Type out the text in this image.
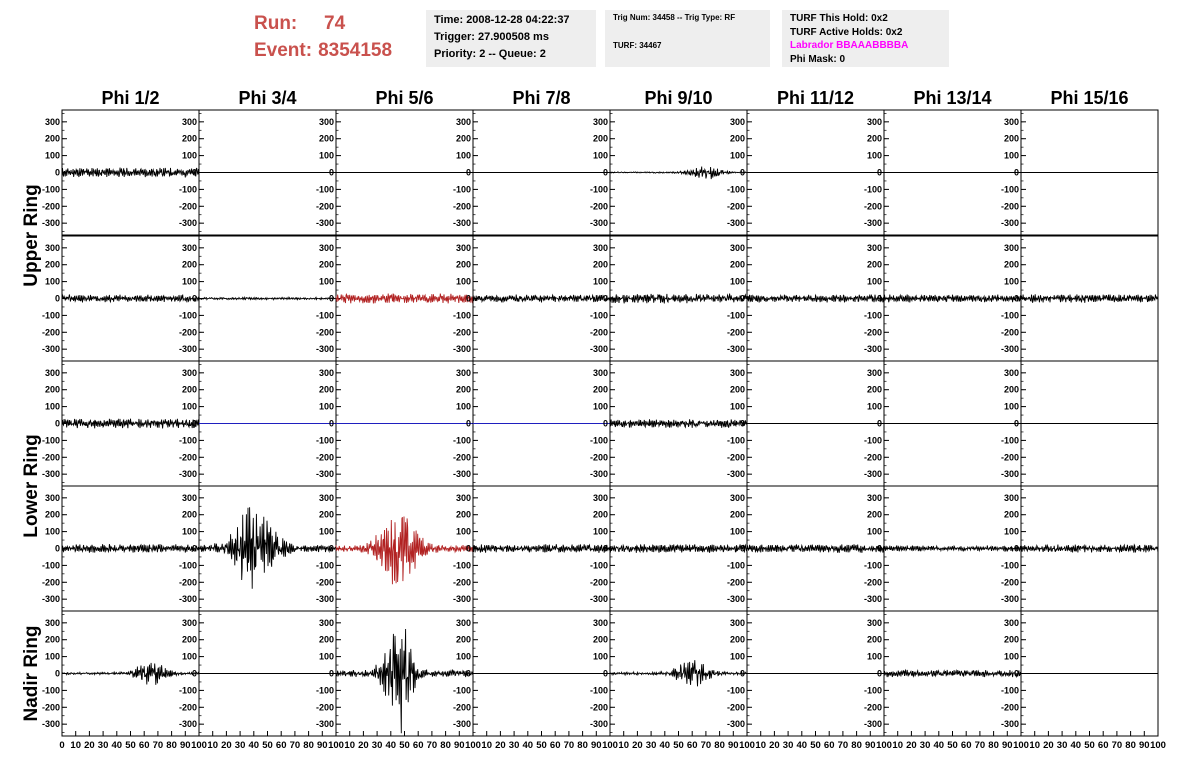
Run:	74
Event: 8354158
Time: 2008-12-28 04:22:37
Trigger: 27.900508 ms
Priority: 2 -- Queue: 2
Trig Num: 34458 -- Trig Type: RF
TURF: 34467
TURF This Hold: 0x2
TURF Active Holds: 0x2
Labrador BBAAABBBBA
Phi Mask: 0
Phi 1/2	Phi 3/4	Phi 5/6	Phi 7/8	Phi 9/10	Phi 11/12	Phi 13/14	Phi 15/16
Upper Ring
Lower Ring
Nadir Ring
300
200
100
0
-100
-200
-300
300
200
100
0
-100
-200
-300
300
200
100
0
-100
-200
-300
300
200
100
0
-100
-200
-300
300
200
100
0
-100
-200
-300
300
200
100
0
-100
-200
-300
300
200
100
0
-100
-200
-300
300
200
100
0
-100
-200
-300
300
200
100
0
-100
-200
-300
300
200
100
0
-100
-200
-300
300
200
100
0
-100
-200
-300
300
200
100
0
-100
-200
-300
300
200
100
0
-100
-200
-300
300
200
100
0
-100
-200
-300
300
200
100
0
-100
-200
-300
300
200
100
0
-100
-200
-300
300
200
100
0
-100
-200
-300
300
200
100
0
-100
-200
-300
300
200
100
0
-100
-200
-300
300
200
100
0
-100
-200
-300
300
200
100
0
-100
-200
-300
300
200
100
0
-100
-200
-300
300
200
100
0
-100
-200
-300
300
200
100
0
-100
-200
-300
300
200
100
0
-100
-200
-300
300
200
100
0
-100
-200
-300
300
200
100
0
-100
-200
-300
300
200
100
0
-100
-200
-300
300
200
100
0
-100
-200
-300
300
200
100
0
-100
-200
-300
300
200
100
0
-100
-200
-300
300
200
100
0
-100
-200
-300
300
200
100
0
-100
-200
-300
300
200
100
0
-100
-200
-300
300
200
100
0
-100
-200
-300
300
200
100
0
-100
-200
-300
300
200
100
0
-100
-200
-300
300
200
100
0
-100
-200
-300
300
200
100
0
-100
-200
-300
300
200
100
0
-100
-200
-300
0 10 20 30 40 50 60 70 80 90 100 10 20 30 40 50 60 70 80 90 100 10 20 30 40 50 60 70 80 90 100 10 20 30 40 50 60 70 80 90 100 10 20 30 40 50 60 70 80 90 100 10 20 30 40 50 60 70 80 90 100 10 20 30 40 50 60 70 80 90 100 10 20 30 40 50 60 70 80 90 100
